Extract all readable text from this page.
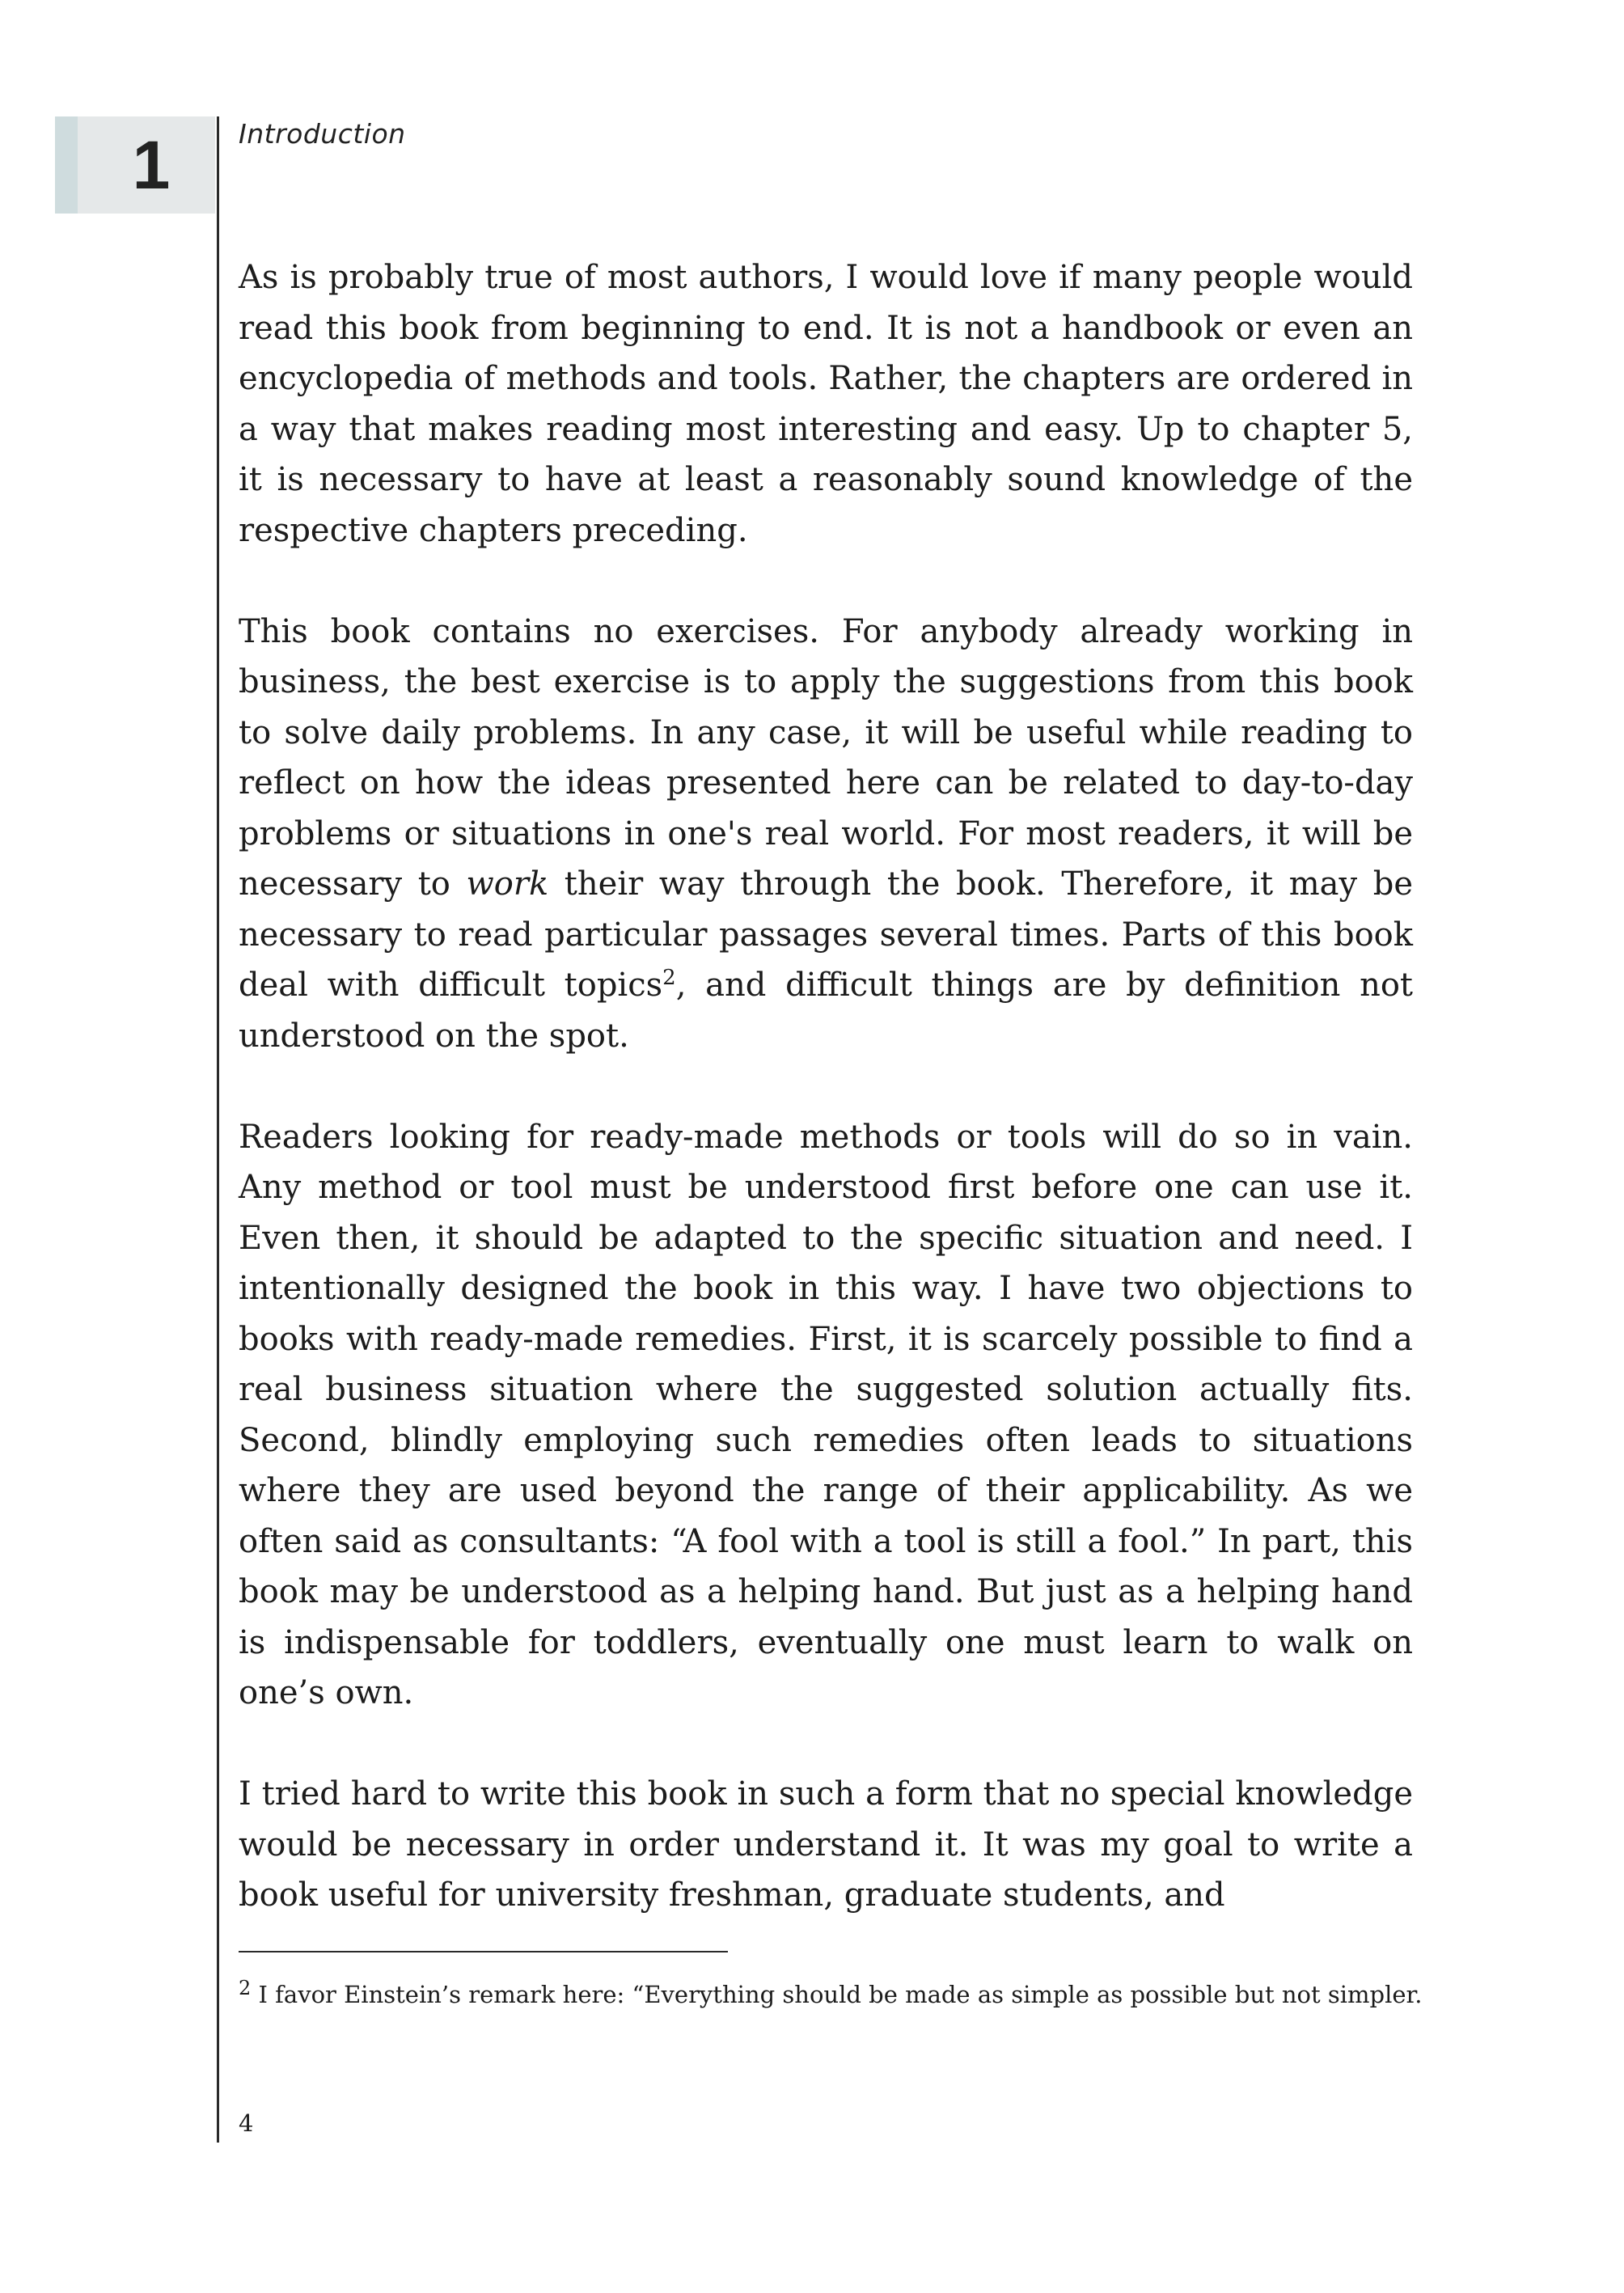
1	Introduction

As is probably true of most authors, I would love if many people would read this book from beginning to end. It is not a handbook or even an encyclopedia of methods and tools. Rather, the chapters are ordered in a way that makes reading most interesting and easy. Up to chapter 5, it is necessary to have at least a reasonably sound knowledge of the respective chapters preceding.

This book contains no exercises. For anybody already working in business, the best exercise is to apply the suggestions from this book to solve daily problems. In any case, it will be useful while reading to reflect on how the ideas presented here can be related to day-to-day problems or situations in one's real world. For most readers, it will be necessary to work their way through the book. Therefore, it may be necessary to read particular passages several times. Parts of this book deal with difficult topics$^2$, and difficult things are by definition not understood on the spot.

Readers looking for ready-made methods or tools will do so in vain. Any method or tool must be understood first before one can use it. Even then, it should be adapted to the specific situation and need. I intentionally designed the book in this way. I have two objections to books with ready-made remedies. First, it is scarcely possible to find a real business situation where the suggested solution actually fits. Second, blindly employing such remedies often leads to situations where they are used beyond the range of their applicability. As we often said as consultants: “A fool with a tool is still a fool.” In part, this book may be understood as a helping hand. But just as a helping hand is indispensable for toddlers, eventually one must learn to walk on one’s own.

I tried hard to write this book in such a form that no special knowledge would be necessary in order understand it. It was my goal to write a book useful for university freshman, graduate students, and

$^2$ I favor Einstein’s remark here: “Everything should be made as simple as possible but not simpler.
4
